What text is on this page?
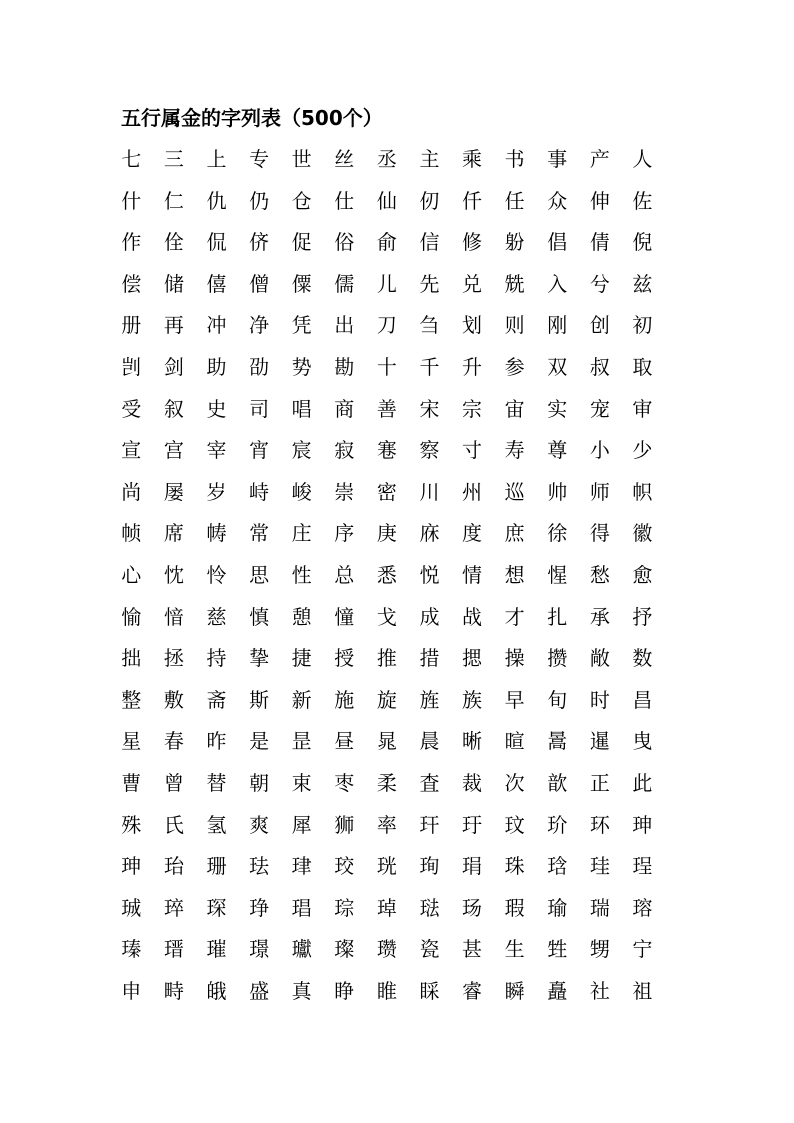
五行属金的字列表（500个）
七	三	上	专	世	丝	丞	主	乘	书	事	产	人
什	仁	仇	仍	仓	仕	仙	仞	仟	任	众	伸	佐
作	佺	侃	侪	促	俗	俞	信	修	躮	倡	倩	倪
偿	储	僖	僧	僳	儒	儿	先	兑	兟	入	兮	兹
册	再	冲	净	凭	出	刀	刍	划	则	刚	创	初
剀	剑	助	劭	势	勘	十	千	升	参	双	叔	取
受	叙	史	司	唱	商	善	宋	宗	宙	实	宠	审
宣	宫	宰	宵	宸	寂	寋	察	寸	寿	尊	小	少
尚	屡	岁	峙	峻	崇	密	川	州	巡	帅	师	帜
帧	席	帱	常	庄	序	庚	庥	度	庶	徐	得	徽
心	忱	怜	思	性	总	悉	悦	情	想	惺	愁	愈
愉	愔	慈	慎	憩	憧	戈	成	战	才	扎	承	抒
拙	拯	持	挚	捷	授	推	措	揌	操	攒	敞	数
整	敷	斋	斯	新	施	旋	旌	族	早	旬	时	昌
星	春	昨	是	昰	昼	晁	晨	晰	暄	暠	暹	曳
曹	曾	替	朝	束	枣	柔	査	裁	次	歆	正	此
殊	氏	氢	爽	犀	狮	率	玕	玗	玟	玠	环	珅
珅	珆	珊	珐	珒	珓	珖	珣	琄	珠	琀	珪	珵
珹	琗	琛	琤	琩	琮	琸	琺	玚	瑕	瑜	瑞	瑢
瑧	瑨	璀	璟	瓛	璨	瓒	瓷	甚	生	甡	甥	宁
申	畤	皒	盛	真	睁	睢	睬	睿	瞬	矗	社	祖
